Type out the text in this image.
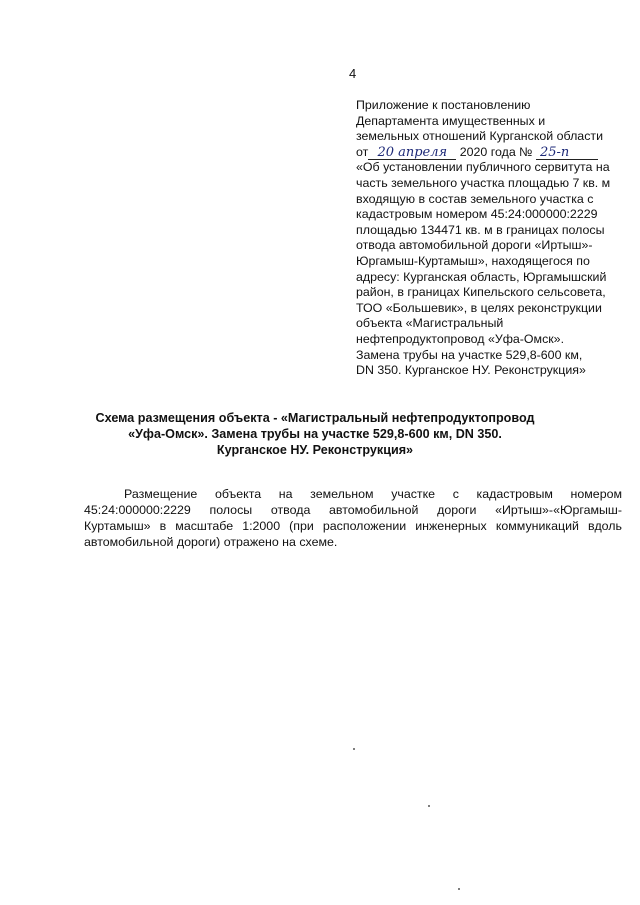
4
Приложение к постановлению
Департамента имущественных и
земельных отношений Курганской области
от 20 апреля 2020 года № 25-п
«Об установлении публичного сервитута на
часть земельного участка площадью 7 кв. м
входящую в состав земельного участка с
кадастровым номером 45:24:000000:2229
площадью 134471 кв. м в границах полосы
отвода автомобильной дороги «Иртыш»-
Юргамыш-Куртамыш», находящегося по
адресу: Курганская область, Юргамышский
район, в границах Кипельского сельсовета,
ТОО «Большевик», в целях реконструкции
объекта «Магистральный
нефтепродуктопровод «Уфа-Омск».
Замена трубы на участке 529,8-600 км,
DN 350. Курганское НУ. Реконструкция»
Схема размещения объекта - «Магистральный нефтепродуктопровод
«Уфа-Омск». Замена трубы на участке 529,8-600 км, DN 350.
Курганское НУ. Реконструкция»
Размещение объекта на земельном участке с кадастровым номером
45:24:000000:2229 полосы отвода автомобильной дороги «Иртыш»-«Юргамыш-
Куртамыш» в масштабе 1:2000 (при расположении инженерных коммуникаций вдоль
автомобильной дороги) отражено на схеме.
